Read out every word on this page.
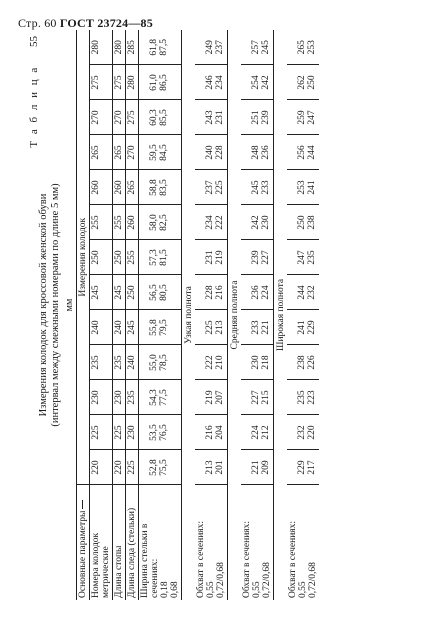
Стр. 60 ГОСТ 23724—85
Т а б л и ц а 55
Измерения колодок для кроссовой женской обуви (интервал между смежными номерами по длине 5 мм) мм
Основные параметры	Измерения колодок												
Номера колодок метрические	220	225	230	235	240	245	250	255	260	265	270	275	280
Длина стопы	220	225	230	235	240	245	250	255	260	265	270	275	280
Длина следа (стельки)	225	230	235	240	245	250	255	260	265	270	275	280	285

Ширина стельки в сечениях: 0,18 0,68	52,8 75,5	53,5 76,5	54,3 77,5	55,0 78,5	55,8 79,5	56,5 80,5	57,3 81,5	58,0 82,5	58,8 83,5	59,5 84,5	60,3 85,5	61,0 86,5	61,8 87,5

Узкая полнота													

Обхват в сечениях: 0,55 0,72/0,68	213 201	216 204	219 207	222 210	225 213	228 216	231 219	234 222	237 225	240 228	243 231	246 234	249 237

Средняя полнота													

Обхват в сечениях: 0,55 0,72/0,68	221 209	224 212	227 215	230 218	233 221	236 224	239 227	242 230	245 233	248 236	251 239	254 242	257 245

Широкая полнота													

Обхват в сечениях: 0,55 0,72/0,68	229 217	232 220	235 223	238 226	241 229	244 232	247 235	250 238	253 241	256 244	259 247	262 250	265 253
